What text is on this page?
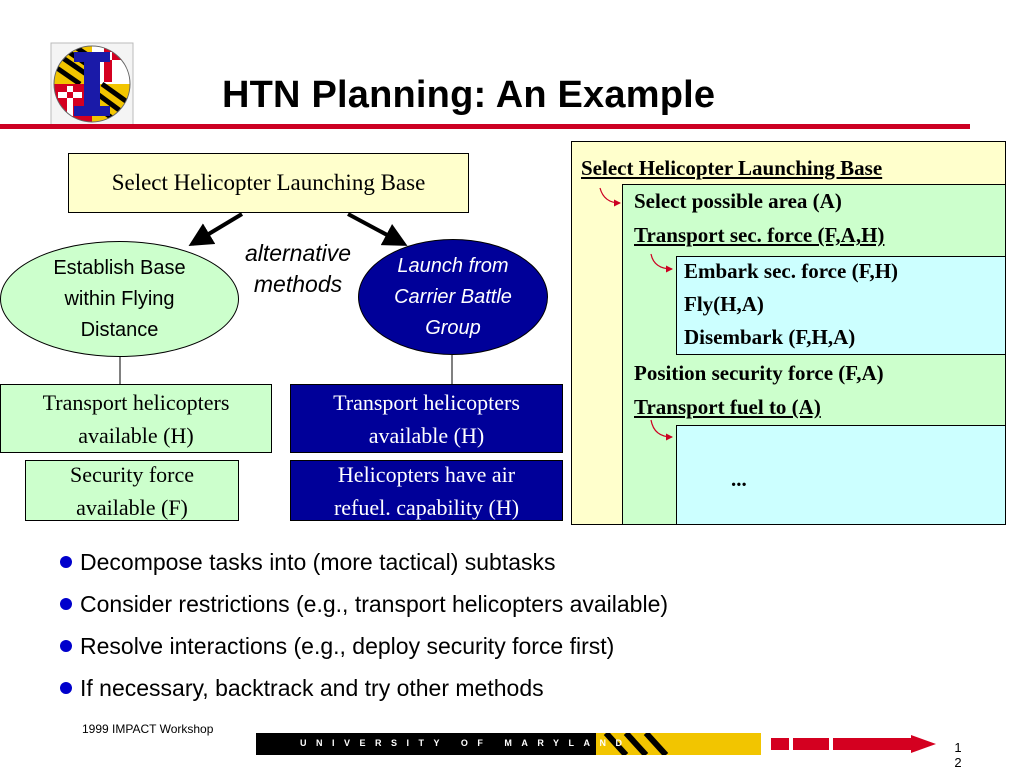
HTN Planning: An Example
Select Helicopter Launching Base
alternative
methods
Establish Base
within Flying
Distance
Launch from
Carrier Battle
Group
Transport helicopters
available (H)
Security force
available (F)
Transport helicopters
available (H)
Helicopters have air
refuel. capability (H)
Select Helicopter Launching Base
Select possible area (A)
Transport sec. force (F,A,H)
Embark sec. force (F,H)
Fly(H,A)
Disembark (F,H,A)
Position security force (F,A)
Transport fuel to (A)
...
Decompose tasks into (more tactical) subtasks
Consider restrictions (e.g., transport helicopters available)
Resolve interactions (e.g., deploy security force first)
If necessary, backtrack and try other methods
1999 IMPACT Workshop
UNIVERSITY OF MARYLAND	12
